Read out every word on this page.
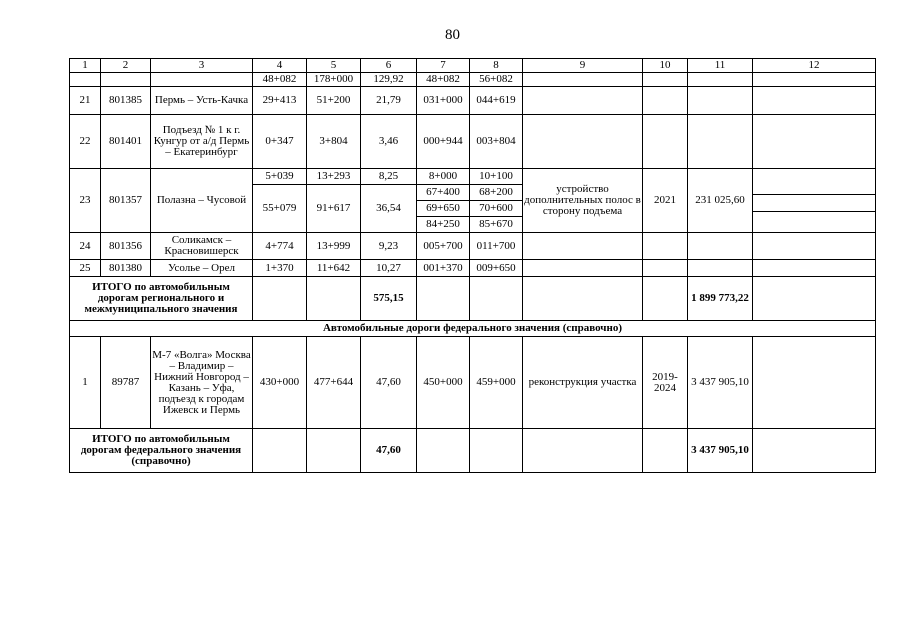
80
1	2	3	4	5	6	7	8	9	10	11	12
			48+082	178+000	129,92	48+082	56+082				
21	801385	Пермь – Усть-Качка	29+413	51+200	21,79	031+000	044+619				
22	801401	Подъезд № 1 к г. Кунгур от а/д Пермь – Екатеринбург	0+347	3+804	3,46	000+944	003+804				
23	801357	Полазна – Чусовой	5+039	13+293	8,25	8+000	10+100	устройство дополнительных полос в сторону подъема	2021	231 025,60	

			55+079	91+617	36,54	67+400	68+200				
						69+650	70+600				
						84+250	85+670				
24	801356	Соликамск – Красновишерск	4+774	13+999	9,23	005+700	011+700				
25	801380	Усолье – Орел	1+370	11+642	10,27	001+370	009+650				
ИТОГО по автомобильным дорогам регионального и межмуниципального значения					575,15					1 899 773,22	
Автомобильные дороги федерального значения (справочно)											
1	89787	М-7 «Волга» Москва – Владимир – Нижний Новгород – Казань – Уфа, подъезд к городам Ижевск и Пермь	430+000	477+644	47,60	450+000	459+000	реконструкция участка	2019-2024	3 437 905,10	
ИТОГО по автомобильным дорогам федерального значения (справочно)					47,60					3 437 905,10	
